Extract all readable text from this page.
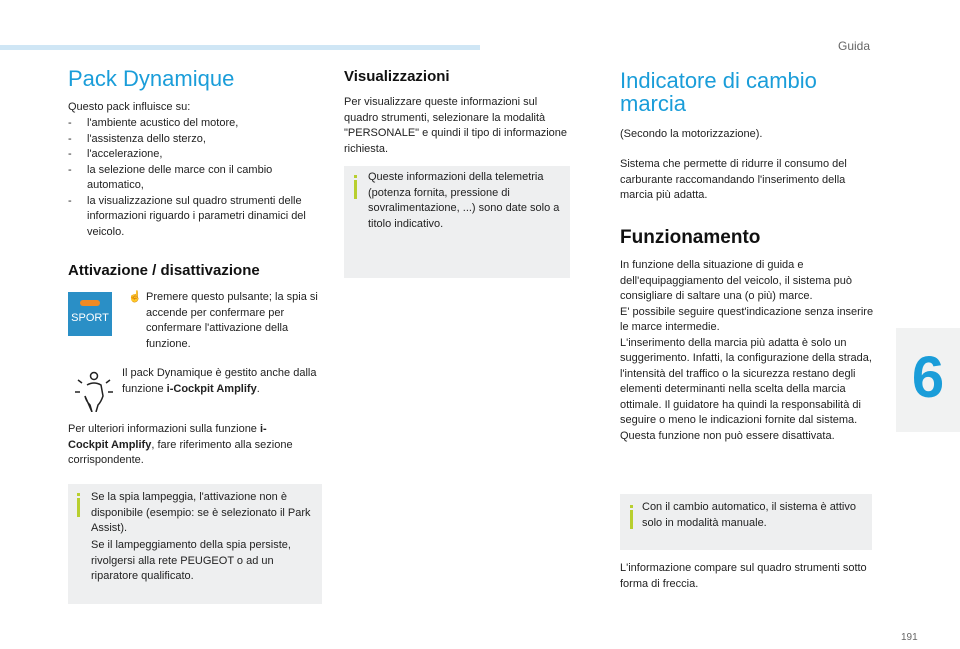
Guida
191
6
Pack Dynamique

Questo pack influisce su:

- l'ambiente acustico del motore,
- l'assistenza dello sterzo,
- l'accelerazione,
- la selezione delle marce con il cambio automatico,
- la visualizzazione sul quadro strumenti delle informazioni riguardo i parametri dinamici del veicolo.
Attivazione / disattivazione
SPORT
☝ Premere questo pulsante; la spia si accende per confermare per confermare l'attivazione della funzione.

Il pack Dynamique è gestito anche dalla funzione i-Cockpit Amplify.

Per ulteriori informazioni sulla funzione i-Cockpit Amplify, fare riferimento alla sezione corrispondente.

Se la spia lampeggia, l'attivazione non è disponibile (esempio: se è selezionato il Park Assist).

Se il lampeggiamento della spia persiste, rivolgersi alla rete PEUGEOT o ad un riparatore qualificato.

Visualizzazioni

Per visualizzare queste informazioni sul quadro strumenti, selezionare la modalità "PERSONALE" e quindi il tipo di informazione richiesta.

Queste informazioni della telemetria (potenza fornita, pressione di sovralimentazione, ...) sono date solo a titolo indicativo.

Indicatore di cambio
marcia

(Secondo la motorizzazione).

Sistema che permette di ridurre il consumo del carburante raccomandando l'inserimento della marcia più adatta.

Funzionamento

In funzione della situazione di guida e dell'equipaggiamento del veicolo, il sistema può consigliare di saltare una (o più) marce.

E' possibile seguire quest'indicazione senza inserire le marce intermedie.

L'inserimento della marcia più adatta è solo un suggerimento. Infatti, la configurazione della strada, l'intensità del traffico o la sicurezza restano degli elementi determinanti nella scelta della marcia ottimale. Il guidatore ha quindi la responsabilità di seguire o meno le indicazioni fornite dal sistema.

Questa funzione non può essere disattivata.

Con il cambio automatico, il sistema è attivo solo in modalità manuale.

L'informazione compare sul quadro strumenti sotto forma di freccia.
